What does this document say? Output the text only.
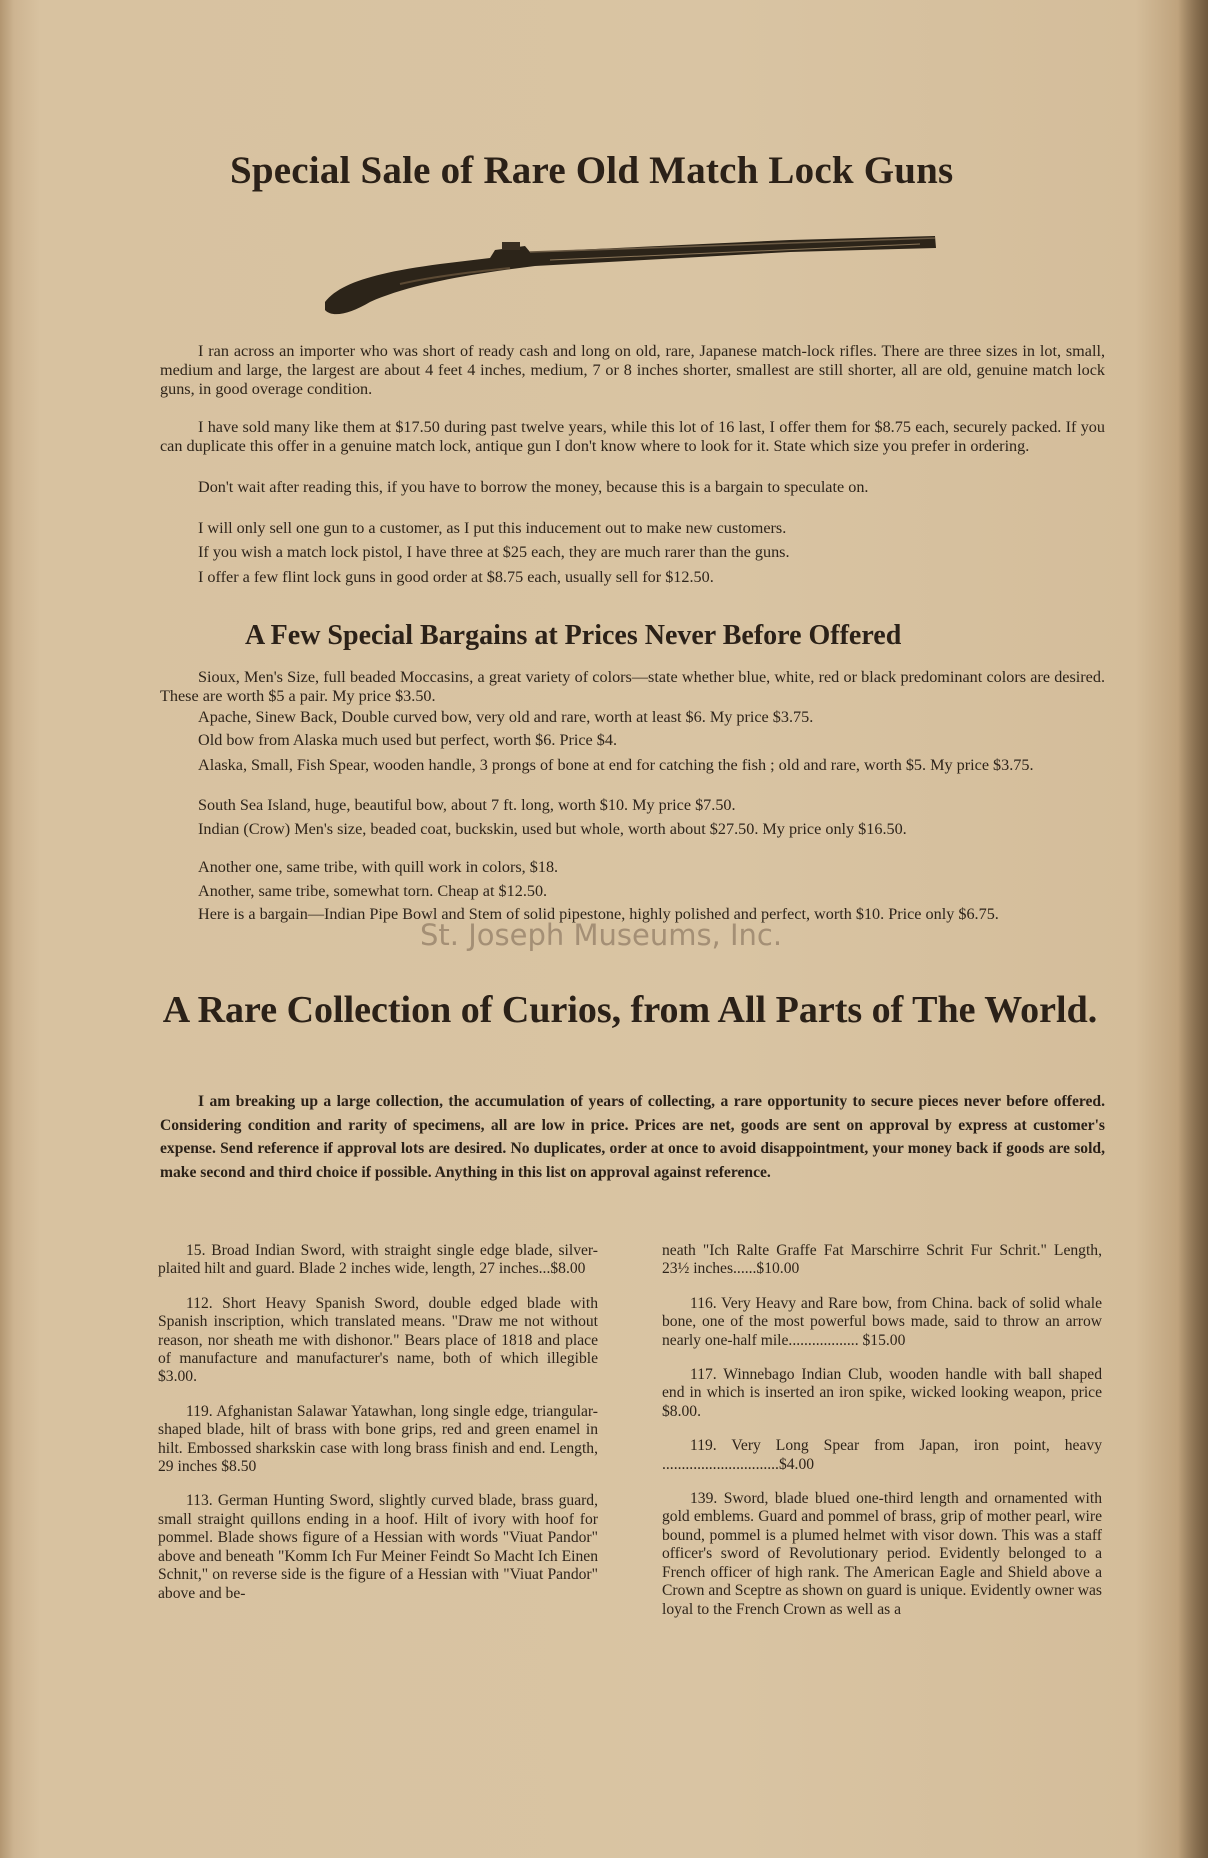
Special Sale of Rare Old Match Lock Guns

I ran across an importer who was short of ready cash and long on old, rare, Japanese match-lock rifles. There are three sizes in lot, small, medium and large, the largest are about 4 feet 4 inches, medium, 7 or 8 inches shorter, smallest are still shorter, all are old, genuine match lock guns, in good overage condition.

I have sold many like them at $17.50 during past twelve years, while this lot of 16 last, I offer them for $8.75 each, securely packed. If you can duplicate this offer in a genuine match lock, antique gun I don't know where to look for it. State which size you prefer in ordering.

Don't wait after reading this, if you have to borrow the money, because this is a bargain to speculate on.

I will only sell one gun to a customer, as I put this inducement out to make new customers.

If you wish a match lock pistol, I have three at $25 each, they are much rarer than the guns.

I offer a few flint lock guns in good order at $8.75 each, usually sell for $12.50.

A Few Special Bargains at Prices Never Before Offered

Sioux, Men's Size, full beaded Moccasins, a great variety of colors—state whether blue, white, red or black predominant colors are desired. These are worth $5 a pair. My price $3.50.

Apache, Sinew Back, Double curved bow, very old and rare, worth at least $6. My price $3.75.

Old bow from Alaska much used but perfect, worth $6. Price $4.

Alaska, Small, Fish Spear, wooden handle, 3 prongs of bone at end for catching the fish ; old and rare, worth $5. My price $3.75.

South Sea Island, huge, beautiful bow, about 7 ft. long, worth $10. My price $7.50.

Indian (Crow) Men's size, beaded coat, buckskin, used but whole, worth about $27.50. My price only $16.50.

Another one, same tribe, with quill work in colors, $18.

Another, same tribe, somewhat torn. Cheap at $12.50.

Here is a bargain—Indian Pipe Bowl and Stem of solid pipestone, highly polished and perfect, worth $10. Price only $6.75.

St. Joseph Museums, Inc.
A Rare Collection of Curios, from All Parts of The World.

I am breaking up a large collection, the accumulation of years of collecting, a rare opportunity to secure pieces never before offered. Considering condition and rarity of specimens, all are low in price. Prices are net, goods are sent on approval by express at customer's expense. Send reference if approval lots are desired. No duplicates, order at once to avoid disappointment, your money back if goods are sold, make second and third choice if possible. Anything in this list on approval against reference.

15. Broad Indian Sword, with straight single edge blade, silver-plaited hilt and guard. Blade 2 inches wide, length, 27 inches...$8.00

112. Short Heavy Spanish Sword, double edged blade with Spanish inscription, which translated means. "Draw me not without reason, nor sheath me with dishonor." Bears place of 1818 and place of manufacture and manufacturer's name, both of which illegible $3.00.

119. Afghanistan Salawar Yatawhan, long single edge, triangular-shaped blade, hilt of brass with bone grips, red and green enamel in hilt. Embossed sharkskin case with long brass finish and end. Length, 29 inches $8.50

113. German Hunting Sword, slightly curved blade, brass guard, small straight quillons ending in a hoof. Hilt of ivory with hoof for pommel. Blade shows figure of a Hessian with words "Viuat Pandor" above and beneath "Komm Ich Fur Meiner Feindt So Macht Ich Einen Schnit," on reverse side is the figure of a Hessian with "Viuat Pandor" above and be-

neath "Ich Ralte Graffe Fat Marschirre Schrit Fur Schrit." Length, 23½ inches......$10.00

116. Very Heavy and Rare bow, from China. back of solid whale bone, one of the most powerful bows made, said to throw an arrow nearly one-half mile.................. $15.00

117. Winnebago Indian Club, wooden handle with ball shaped end in which is inserted an iron spike, wicked looking weapon, price $8.00.

119. Very Long Spear from Japan, iron point, heavy ..............................$4.00

139. Sword, blade blued one-third length and ornamented with gold emblems. Guard and pommel of brass, grip of mother pearl, wire bound, pommel is a plumed helmet with visor down. This was a staff officer's sword of Revolutionary period. Evidently belonged to a French officer of high rank. The American Eagle and Shield above a Crown and Sceptre as shown on guard is unique. Evidently owner was loyal to the French Crown as well as a
